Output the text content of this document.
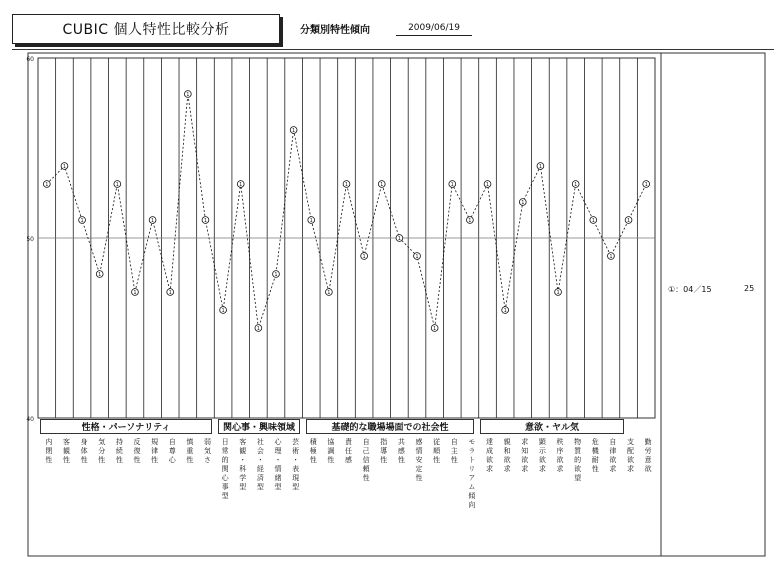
CUBIC 個人特性比較分析	分類別特性傾向	2009/06/19
60
50
40
1
1
1
1
1
1
1
1
1
1
1
1
1
1
1
1
1
1
1
1
1
1
1
1
1
1
1
1
1
1
1
1
1
1
1
①：04／15	25
性格・パーソナリティ	関心事・興味領域	基礎的な職場場面での社会性	意欲・ヤル気
内閉性	客観性	身体性	気分性	持続性	反復性	規律性	自尊心	慎重性	弱気さ	日常的関心事型	客観・科学型	社会・経済型	心理・情緒型	芸術・表現型	積極性	協調性	責任感	自己信頼性	指導性	共感性	感情安定性	従順性	自主性	モラトリアム傾向	達成欲求	親和欲求	求知欲求	顕示欲求	秩序欲求	物質的欲望	危機耐性	自律欲求	支配欲求	勤労意欲
